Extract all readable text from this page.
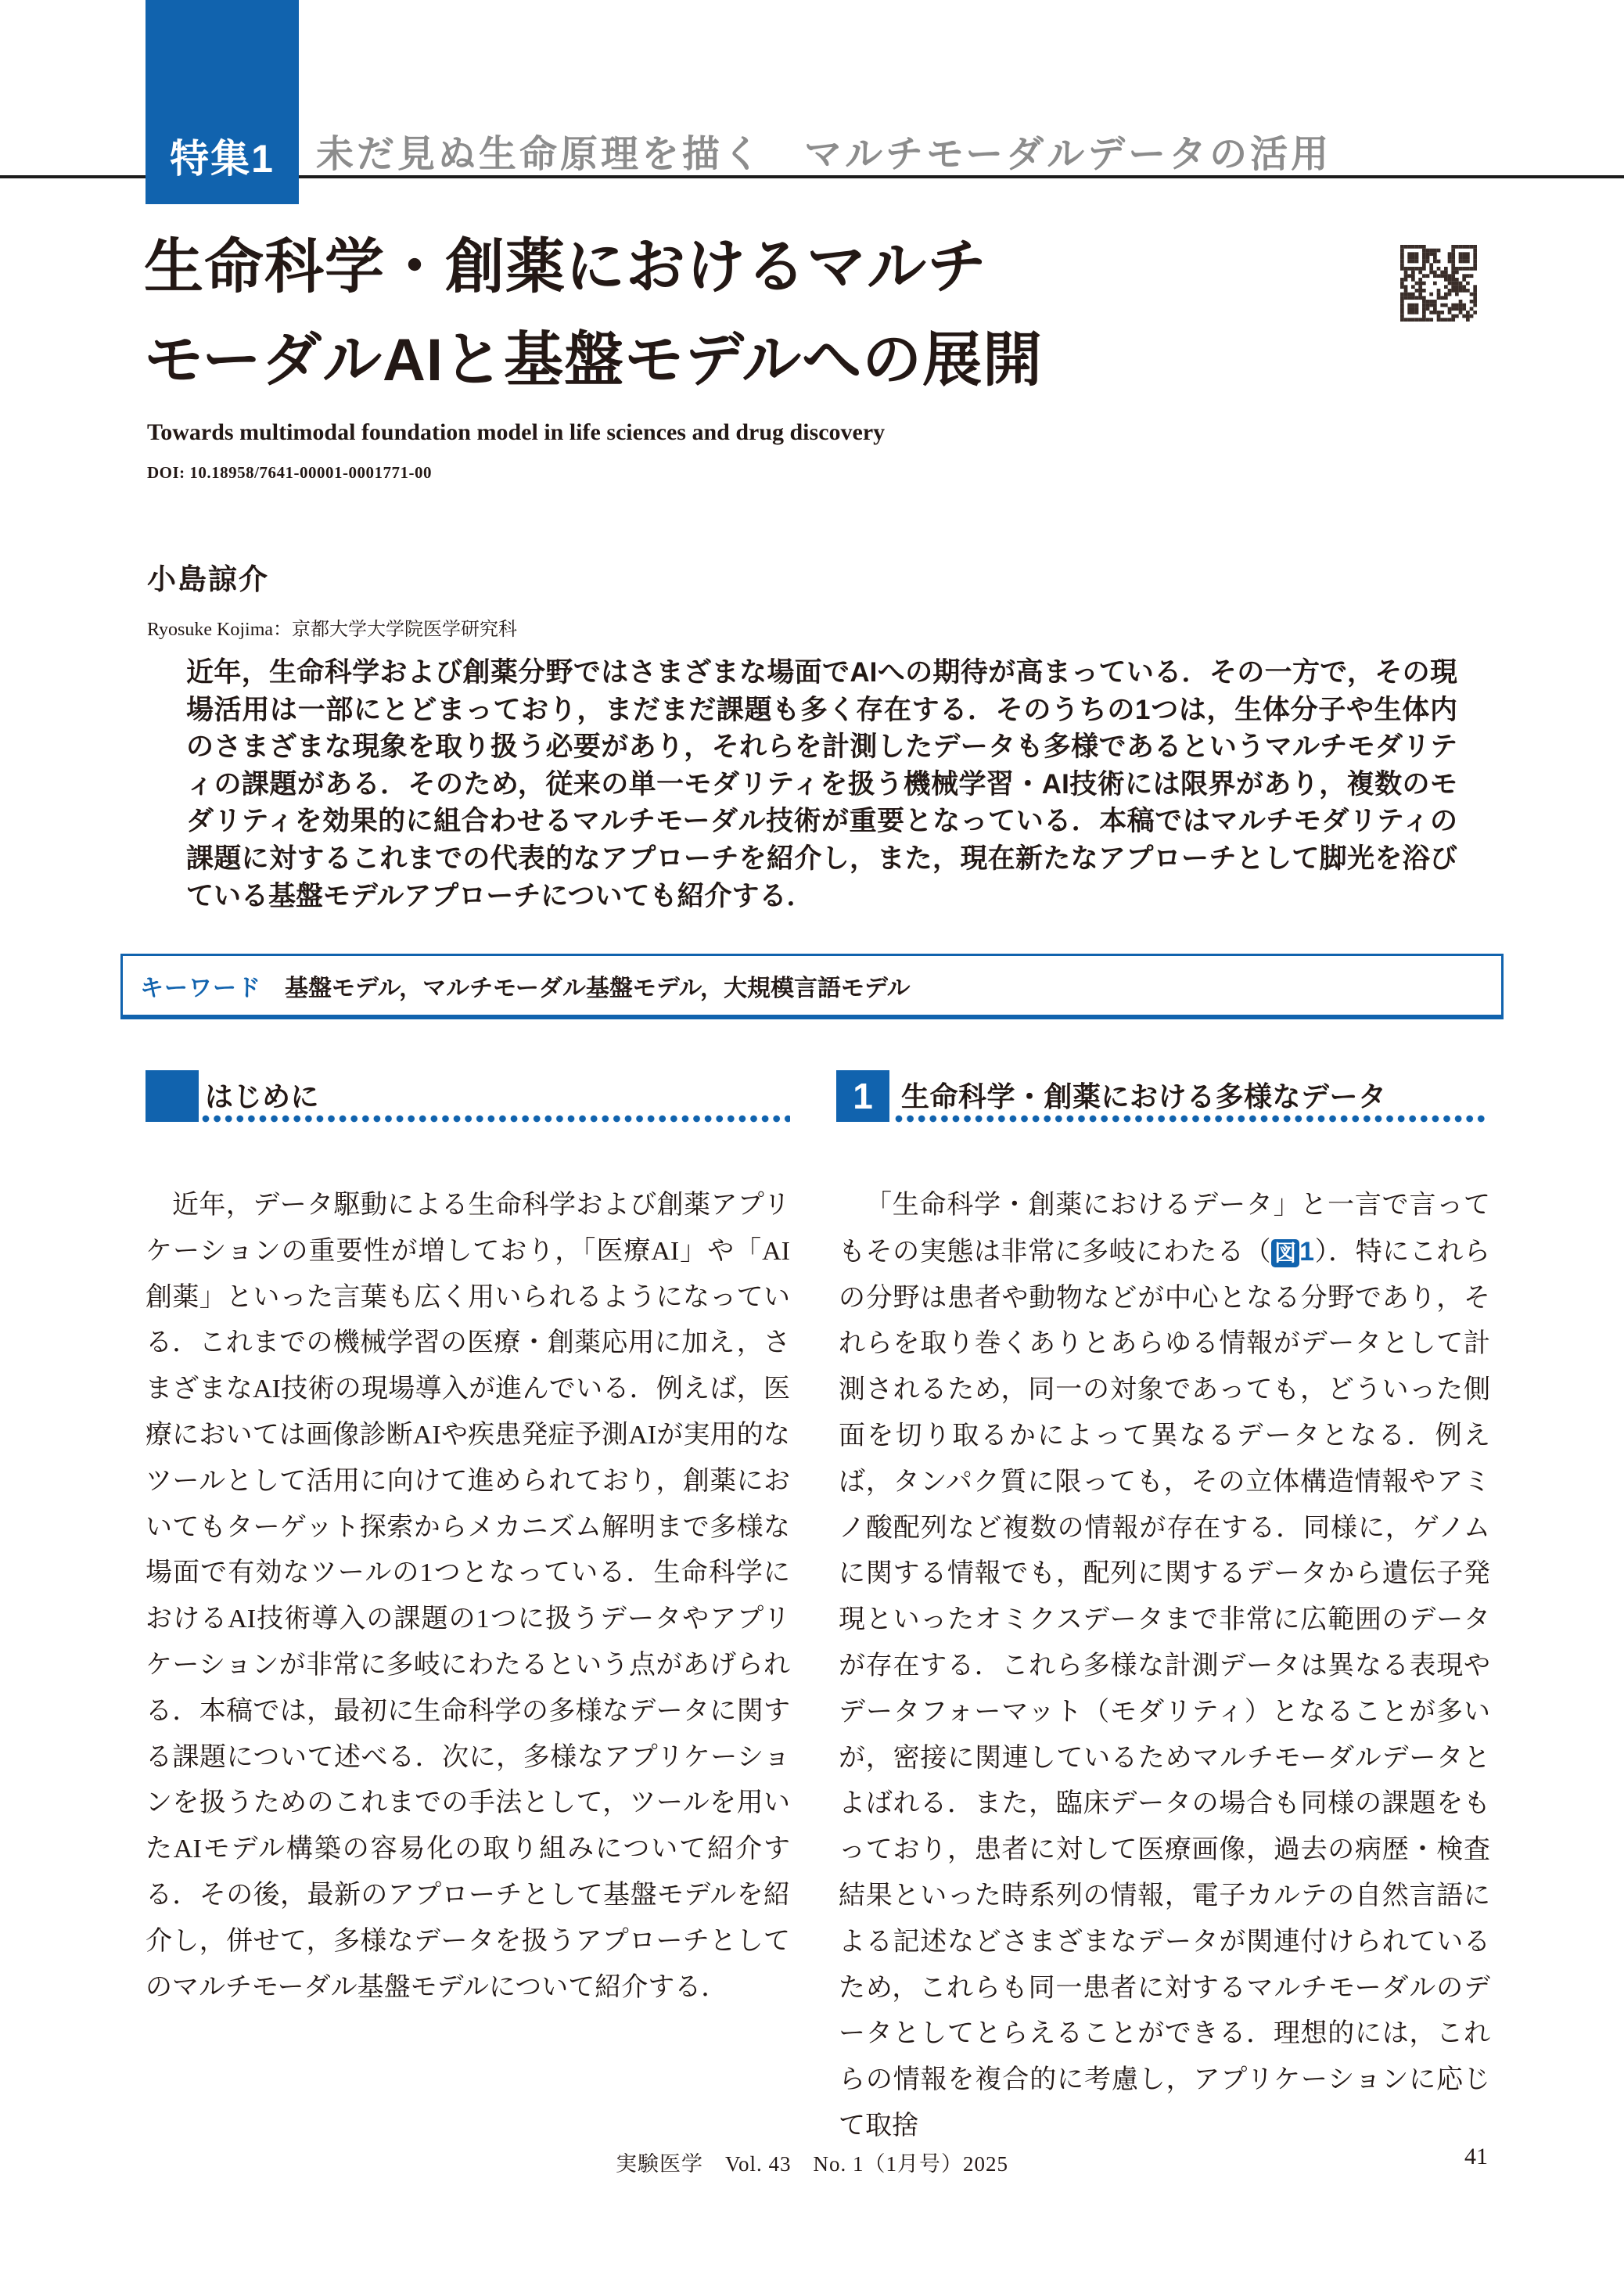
特集1 未だ見ぬ生命原理を描く　マルチモーダルデータの活用
生命科学・創薬におけるマルチ
モーダルAIと基盤モデルへの展開
Towards multimodal foundation model in life sciences and drug discovery
DOI: 10.18958/7641-00001-0001771-00
小島諒介
Ryosuke Kojima：京都大学大学院医学研究科

近年，生命科学および創薬分野ではさまざまな場面でAIへの期待が高まっている．その一方で，その現場活用は一部にとどまっており，まだまだ課題も多く存在する．そのうちの1つは，生体分子や生体内のさまざまな現象を取り扱う必要があり，それらを計測したデータも多様であるというマルチモダリティの課題がある．そのため，従来の単一モダリティを扱う機械学習・AI技術には限界があり，複数のモダリティを効果的に組合わせるマルチモーダル技術が重要となっている．本稿ではマルチモダリティの課題に対するこれまでの代表的なアプローチを紹介し，また，現在新たなアプローチとして脚光を浴びている基盤モデルアプローチについても紹介する．

キーワード 基盤モデル，マルチモーダル基盤モデル，大規模言語モデル
はじめに

近年，データ駆動による生命科学および創薬アプリケーションの重要性が増しており，「医療AI」や「AI創薬」といった言葉も広く用いられるようになっている．これまでの機械学習の医療・創薬応用に加え，さまざまなAI技術の現場導入が進んでいる．例えば，医療においては画像診断AIや疾患発症予測AIが実用的なツールとして活用に向けて進められており，創薬においてもターゲット探索からメカニズム解明まで多様な場面で有効なツールの1つとなっている．生命科学におけるAI技術導入の課題の1つに扱うデータやアプリケーションが非常に多岐にわたるという点があげられる．本稿では，最初に生命科学の多様なデータに関する課題について述べる．次に，多様なアプリケーションを扱うためのこれまでの手法として，ツールを用いたAIモデル構築の容易化の取り組みについて紹介する．その後，最新のアプローチとして基盤モデルを紹介し，併せて，多様なデータを扱うアプローチとしてのマルチモーダル基盤モデルについて紹介する．

1 生命科学・創薬における多様なデータ

「生命科学・創薬におけるデータ」と一言で言ってもその実態は非常に多岐にわたる（ 図 1）．特にこれらの分野は患者や動物などが中心となる分野であり，それらを取り巻くありとあらゆる情報がデータとして計測されるため，同一の対象であっても，どういった側面を切り取るかによって異なるデータとなる．例えば，タンパク質に限っても，その立体構造情報やアミノ酸配列など複数の情報が存在する．同様に，ゲノムに関する情報でも，配列に関するデータから遺伝子発現といったオミクスデータまで非常に広範囲のデータが存在する．これら多様な計測データは異なる表現やデータフォーマット（モダリティ）となることが多いが，密接に関連しているためマルチモーダルデータとよばれる．また，臨床データの場合も同様の課題をもっており，患者に対して医療画像，過去の病歴・検査結果といった時系列の情報，電子カルテの自然言語による記述などさまざまなデータが関連付けられているため，これらも同一患者に対するマルチモーダルのデータとしてとらえることができる．理想的には，これらの情報を複合的に考慮し，アプリケーションに応じて取捨

実験医学　Vol. 43　No. 1（1月号）2025	41
